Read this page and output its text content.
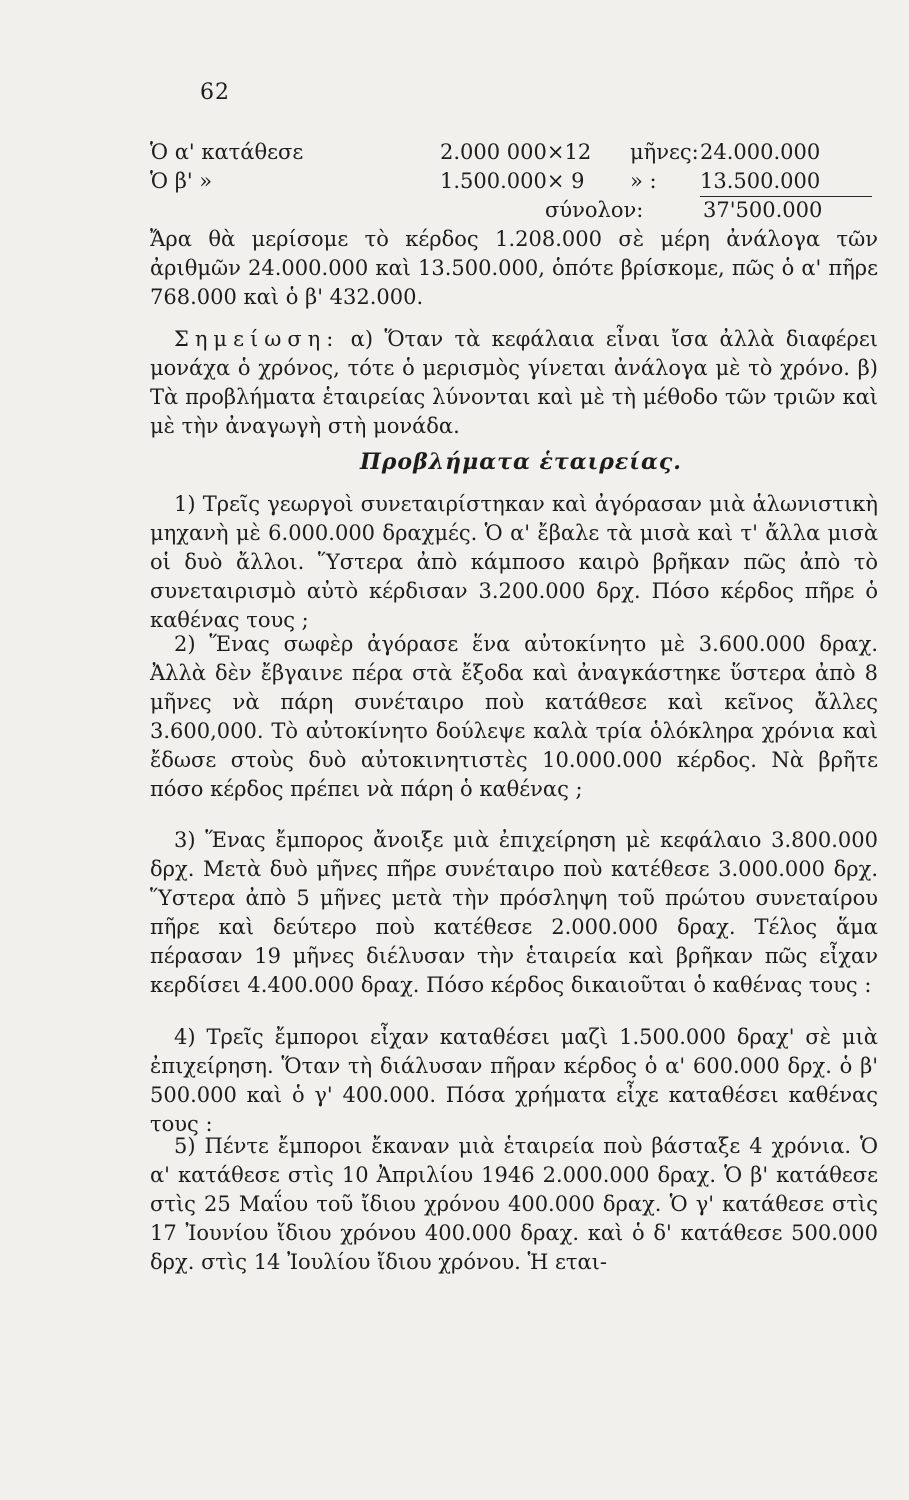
62
Ὁ α' κατάθεσε	2.000 000×12 μῆνες: 24.000.000
Ὁ β' »	1.500.000× 9 » : 13.500.000
σύνολον:	37'500.000
Ἄρα θὰ μερίσομε τὸ κέρδος 1.208.000 σὲ μέρη ἀνάλογα τῶν ἀριθμῶν 24.000.000 καὶ 13.500.000, ὁπότε βρίσκομε, πῶς ὁ α' πῆρε 768.000 καὶ ὁ β' 432.000.
Σημείωση: α) Ὅταν τὰ κεφάλαια εἶναι ἴσα ἀλλὰ διαφέρει μονάχα ὁ χρόνος, τότε ὁ μερισμὸς γίνεται ἀνάλογα μὲ τὸ χρόνο. β) Τὰ προβλήματα ἑταιρείας λύνονται καὶ μὲ τὴ μέθοδο τῶν τριῶν καὶ μὲ τὴν ἀναγωγὴ στὴ μονάδα.
Προβλήματα ἑταιρείας.

1) Τρεῖς γεωργοὶ συνεταιρίστηκαν καὶ ἀγόρασαν μιὰ ἁλωνιστικὴ μηχανὴ μὲ 6.000.000 δραχμές. Ὁ α' ἔβαλε τὰ μισὰ καὶ τ' ἄλλα μισὰ οἱ δυὸ ἄλλοι. Ὕστερα ἀπὸ κάμποσο καιρὸ βρῆκαν πῶς ἀπὸ τὸ συνεταιρισμὸ αὐτὸ κέρδισαν 3.200.000 δρχ. Πόσο κέρδος πῆρε ὁ καθένας τους ;

2) Ἕνας σωφὲρ ἀγόρασε ἕνα αὐτοκίνητο μὲ 3.600.000 δραχ. Ἀλλὰ δὲν ἔβγαινε πέρα στὰ ἔξοδα καὶ ἀναγκάστηκε ὕστερα ἀπὸ 8 μῆνες νὰ πάρη συνέταιρο ποὺ κατάθεσε καὶ κεῖνος ἄλλες 3.600,000. Τὸ αὐτοκίνητο δούλεψε καλὰ τρία ὁλόκληρα χρόνια καὶ ἔδωσε στοὺς δυὸ αὐτοκινητιστὲς 10.000.000 κέρδος. Νὰ βρῆτε πόσο κέρδος πρέπει νὰ πάρη ὁ καθένας ;

3) Ἕνας ἔμπορος ἄνοιξε μιὰ ἐπιχείρηση μὲ κεφάλαιο 3.800.000 δρχ. Μετὰ δυὸ μῆνες πῆρε συνέταιρο ποὺ κατέθεσε 3.000.000 δρχ. Ὕστερα ἀπὸ 5 μῆνες μετὰ τὴν πρόσληψη τοῦ πρώτου συνεταίρου πῆρε καὶ δεύτερο ποὺ κατέθεσε 2.000.000 δραχ. Τέλος ἅμα πέρασαν 19 μῆνες διέλυσαν τὴν ἑταιρεία καὶ βρῆκαν πῶς εἶχαν κερδίσει 4.400.000 δραχ. Πόσο κέρδος δικαιοῦται ὁ καθένας τους :

4) Τρεῖς ἔμποροι εἶχαν καταθέσει μαζὶ 1.500.000 δραχ' σὲ μιὰ ἐπιχείρηση. Ὅταν τὴ διάλυσαν πῆραν κέρδος ὁ α' 600.000 δρχ. ὁ β' 500.000 καὶ ὁ γ' 400.000. Πόσα χρήματα εἶχε καταθέσει καθένας τους :

5) Πέντε ἔμποροι ἔκαναν μιὰ ἑταιρεία ποὺ βάσταξε 4 χρόνια. Ὁ α' κατάθεσε στὶς 10 Ἀπριλίου 1946 2.000.000 δραχ. Ὁ β' κατάθεσε στὶς 25 Μαΐου τοῦ ἴδιου χρόνου 400.000 δραχ. Ὁ γ' κατάθεσε στὶς 17 Ἰουνίου ἴδιου χρόνου 400.000 δραχ. καὶ ὁ δ' κατάθεσε 500.000 δρχ. στὶς 14 Ἰουλίου ἴδιου χρόνου. Ἡ εται-
